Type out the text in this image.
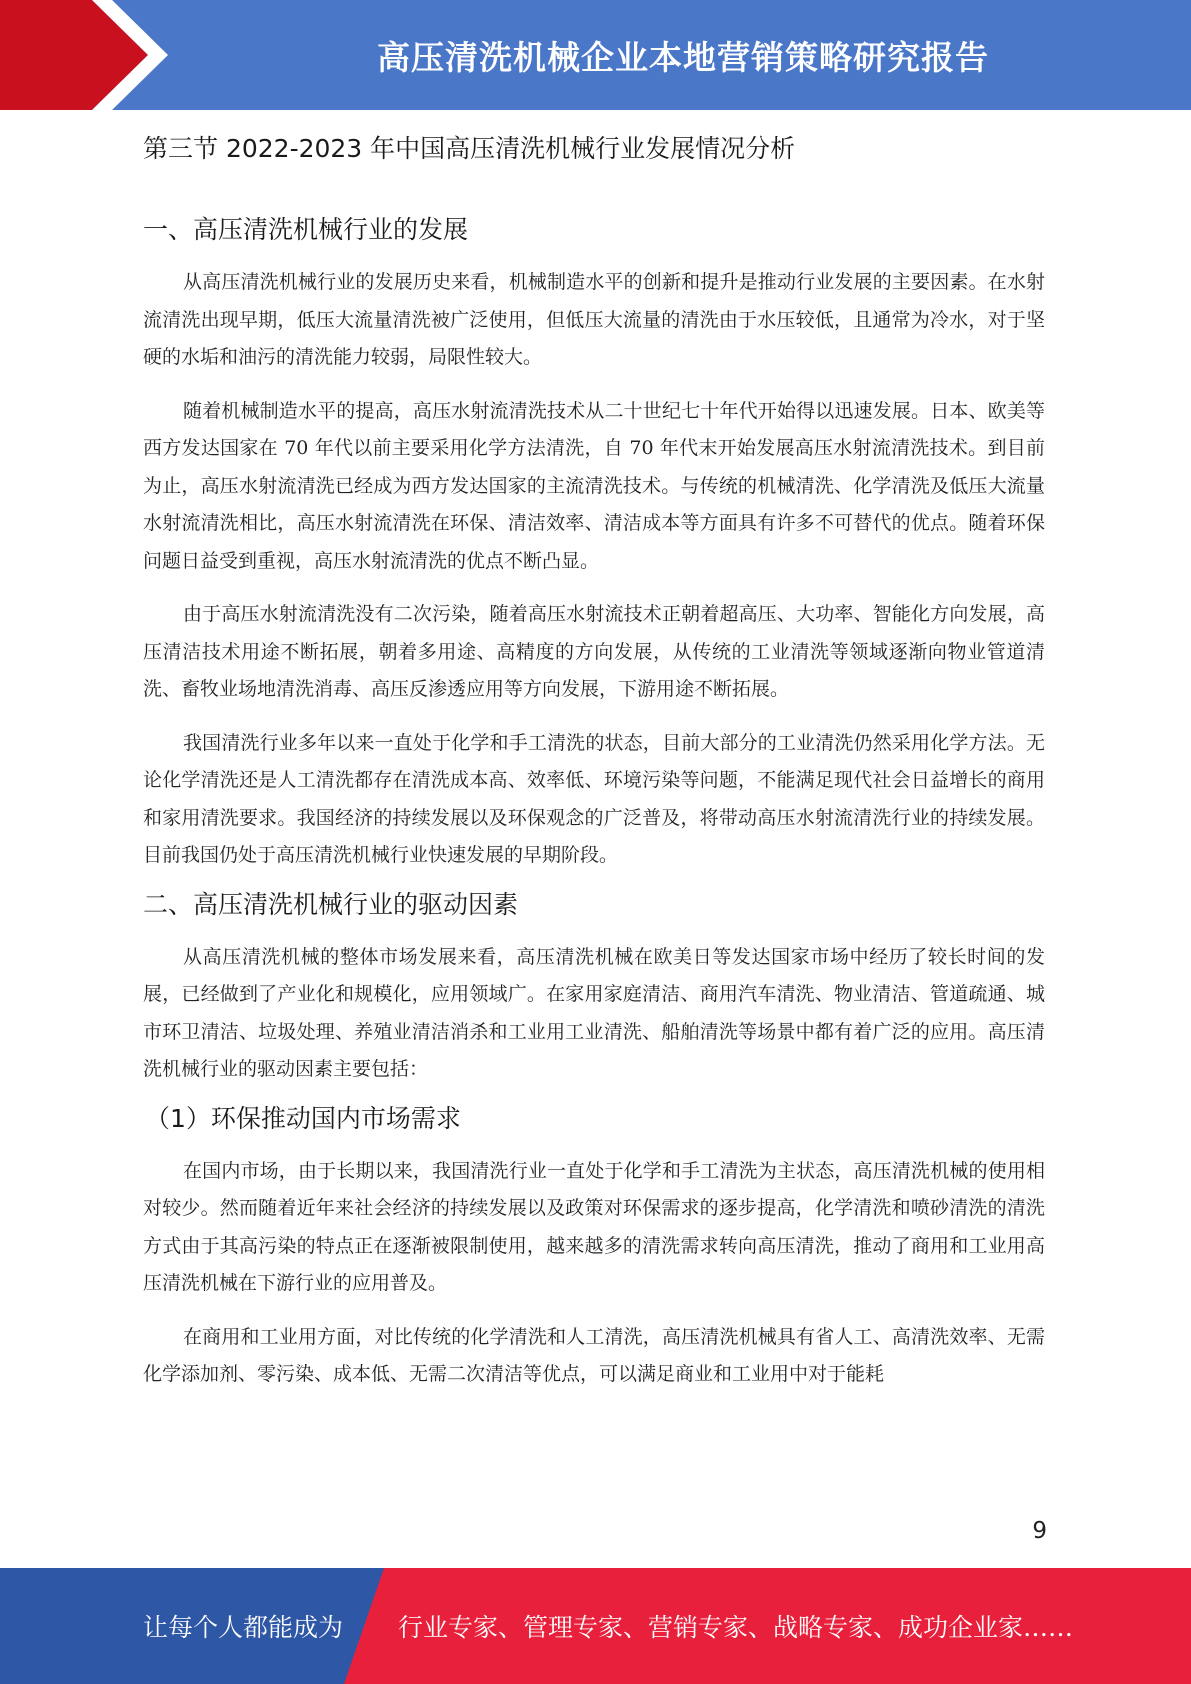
高压清洗机械企业本地营销策略研究报告
第三节 2022-2023 年中国高压清洗机械行业发展情况分析
一、高压清洗机械行业的发展

从高压清洗机械行业的发展历史来看，机械制造水平的创新和提升是推动行业发展的主要因素。在水射流清洗出现早期，低压大流量清洗被广泛使用，但低压大流量的清洗由于水压较低，且通常为冷水，对于坚硬的水垢和油污的清洗能力较弱，局限性较大。

随着机械制造水平的提高，高压水射流清洗技术从二十世纪七十年代开始得以迅速发展。日本、欧美等西方发达国家在 70 年代以前主要采用化学方法清洗，自 70 年代末开始发展高压水射流清洗技术。到目前为止，高压水射流清洗已经成为西方发达国家的主流清洗技术。与传统的机械清洗、化学清洗及低压大流量水射流清洗相比，高压水射流清洗在环保、清洁效率、清洁成本等方面具有许多不可替代的优点。随着环保问题日益受到重视，高压水射流清洗的优点不断凸显。

由于高压水射流清洗没有二次污染，随着高压水射流技术正朝着超高压、大功率、智能化方向发展，高压清洁技术用途不断拓展，朝着多用途、高精度的方向发展，从传统的工业清洗等领域逐渐向物业管道清洗、畜牧业场地清洗消毒、高压反渗透应用等方向发展，下游用途不断拓展。

我国清洗行业多年以来一直处于化学和手工清洗的状态，目前大部分的工业清洗仍然采用化学方法。无论化学清洗还是人工清洗都存在清洗成本高、效率低、环境污染等问题，不能满足现代社会日益增长的商用和家用清洗要求。我国经济的持续发展以及环保观念的广泛普及，将带动高压水射流清洗行业的持续发展。目前我国仍处于高压清洗机械行业快速发展的早期阶段。

二、高压清洗机械行业的驱动因素

从高压清洗机械的整体市场发展来看，高压清洗机械在欧美日等发达国家市场中经历了较长时间的发展，已经做到了产业化和规模化，应用领域广。在家用家庭清洁、商用汽车清洗、物业清洁、管道疏通、城市环卫清洁、垃圾处理、养殖业清洁消杀和工业用工业清洗、船舶清洗等场景中都有着广泛的应用。高压清洗机械行业的驱动因素主要包括：

（1）环保推动国内市场需求

在国内市场，由于长期以来，我国清洗行业一直处于化学和手工清洗为主状态，高压清洗机械的使用相对较少。然而随着近年来社会经济的持续发展以及政策对环保需求的逐步提高，化学清洗和喷砂清洗的清洗方式由于其高污染的特点正在逐渐被限制使用，越来越多的清洗需求转向高压清洗，推动了商用和工业用高压清洗机械在下游行业的应用普及。

在商用和工业用方面，对比传统的化学清洗和人工清洗，高压清洗机械具有省人工、高清洗效率、无需化学添加剂、零污染、成本低、无需二次清洁等优点，可以满足商业和工业用中对于能耗

9
让每个人都能成为 行业专家、管理专家、营销专家、战略专家、成功企业家……
